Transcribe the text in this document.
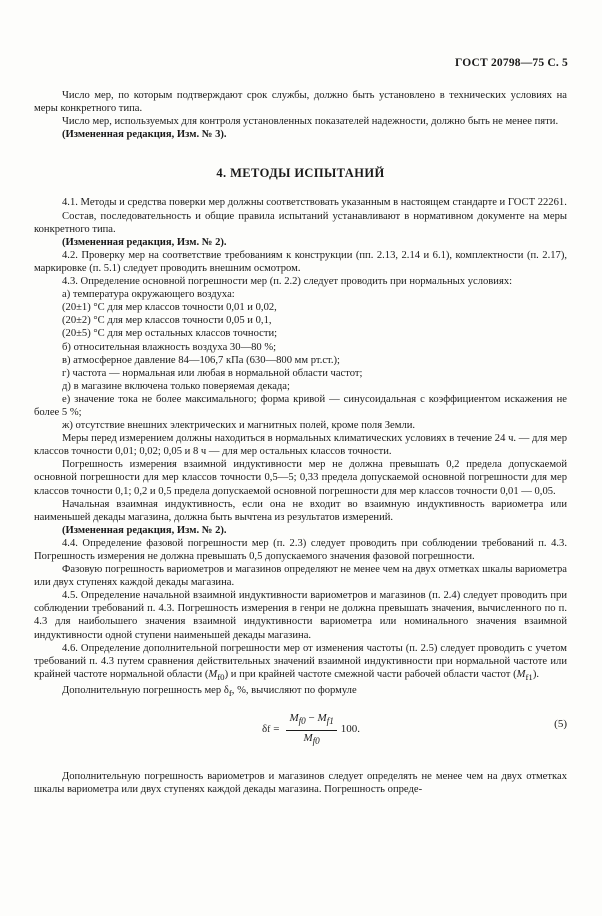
ГОСТ 20798—75 С. 5

Число мер, по которым подтверждают срок службы, должно быть установлено в технических условиях на меры конкретного типа.

Число мер, используемых для контроля установленных показателей надежности, должно быть не менее пяти.

(Измененная редакция, Изм. № 3).

4. МЕТОДЫ ИСПЫТАНИЙ

4.1. Методы и средства поверки мер должны соответствовать указанным в настоящем стандарте и ГОСТ 22261.

Состав, последовательность и общие правила испытаний устанавливают в нормативном документе на меры конкретного типа.

(Измененная редакция, Изм. № 2).

4.2. Проверку мер на соответствие требованиям к конструкции (пп. 2.13, 2.14 и 6.1), комплектности (п. 2.17), маркировке (п. 5.1) следует проводить внешним осмотром.

4.3. Определение основной погрешности мер (п. 2.2) следует проводить при нормальных условиях:

а) температура окружающего воздуха:

(20±1) °С для мер классов точности 0,01 и 0,02,

(20±2) °С для мер классов точности 0,05 и 0,1,

(20±5) °С для мер остальных классов точности;

б) относительная влажность воздуха 30—80 %;

в) атмосферное давление 84—106,7 кПа (630—800 мм рт.ст.);

г) частота — нормальная или любая в нормальной области частот;

д) в магазине включена только поверяемая декада;

е) значение тока не более максимального; форма кривой — синусоидальная с коэффициентом искажения не более 5 %;

ж) отсутствие внешних электрических и магнитных полей, кроме поля Земли.

Меры перед измерением должны находиться в нормальных климатических условиях в течение 24 ч. — для мер классов точности 0,01; 0,02; 0,05 и 8 ч — для мер остальных классов точности.

Погрешность измерения взаимной индуктивности мер не должна превышать 0,2 предела допускаемой основной погрешности для мер классов точности 0,5—5; 0,33 предела допускаемой основной погрешности для мер классов точности 0,1; 0,2 и 0,5 предела допускаемой основной погрешности для мер классов точности 0,01 — 0,05.

Начальная взаимная индуктивность, если она не входит во взаимную индуктивность вариометра или наименьшей декады магазина, должна быть вычтена из результатов измерений.

(Измененная редакция, Изм. № 2).

4.4. Определение фазовой погрешности мер (п. 2.3) следует проводить при соблюдении требований п. 4.3. Погрешность измерения не должна превышать 0,5 допускаемого значения фазовой погрешности.

Фазовую погрешность вариометров и магазинов определяют не менее чем на двух отметках шкалы вариометра или двух ступенях каждой декады магазина.

4.5. Определение начальной взаимной индуктивности вариометров и магазинов (п. 2.4) следует проводить при соблюдении требований п. 4.3. Погрешность измерения в генри не должна превышать значения, вычисленного по п. 4.3 для наибольшего значения взаимной индуктивности вариометра или номинального значения взаимной индуктивности одной ступени наименьшей декады магазина.

4.6. Определение дополнительной погрешности мер от изменения частоты (п. 2.5) следует проводить с учетом требований п. 4.3 путем сравнения действительных значений взаимной индуктивности при нормальной частоте или крайней частоте нормальной области $(M_{f0})$ и при крайней частоте смежной части рабочей области частот $(M_{f1})$.

Дополнительную погрешность мер $\delta_f$, %, вычисляют по формуле

δ $f = \frac{M_{f0} - M_{f1}}{M_{f0}} 100$.	(5)

Дополнительную погрешность вариометров и магазинов следует определять не менее чем на двух отметках шкалы вариометра или двух ступенях каждой декады магазина. Погрешность опреде-
